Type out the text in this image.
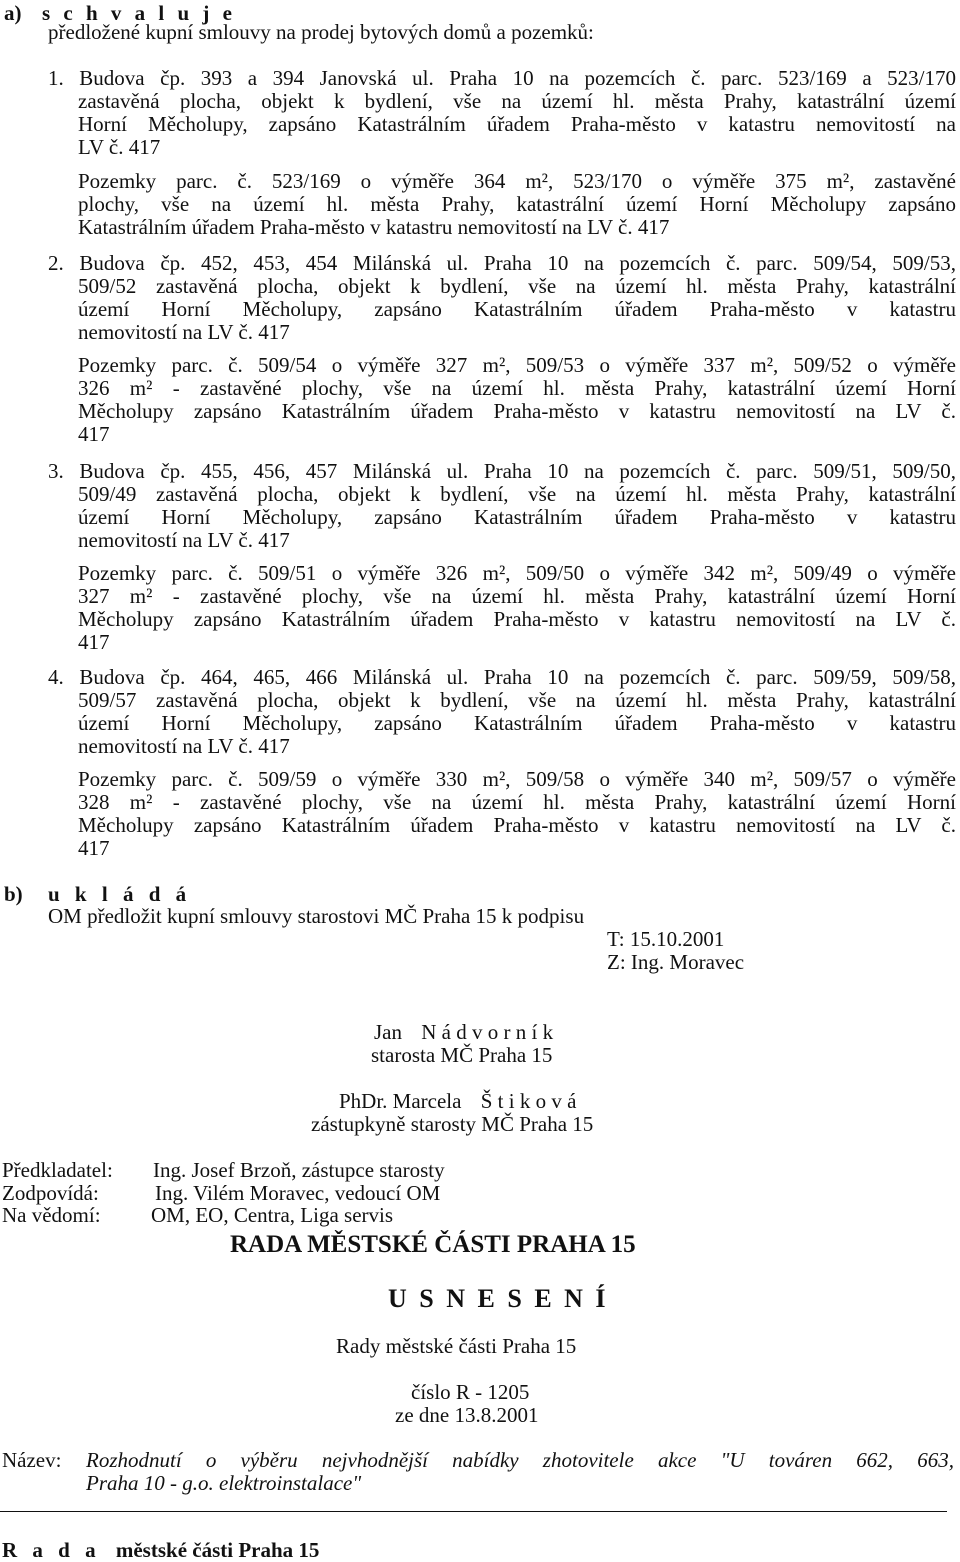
a) s c h v a l u j e
předložené kupní smlouvy na prodej bytových domů a pozemků:
1. Budova čp. 393 a 394 Janovská ul. Praha 10 na pozemcích č. parc. 523/169 a 523/170
zastavěná plocha, objekt k bydlení, vše na území hl. města Prahy, katastrální území
Horní Měcholupy, zapsáno Katastrálním úřadem Praha-město v katastru nemovitostí na
LV č. 417
Pozemky parc. č. 523/169 o výměře 364 m², 523/170 o výměře 375 m², zastavěné
plochy, vše na území hl. města Prahy, katastrální území Horní Měcholupy zapsáno
Katastrálním úřadem Praha-město v katastru nemovitostí na LV č. 417
2. Budova čp. 452, 453, 454 Milánská ul. Praha 10 na pozemcích č. parc. 509/54, 509/53,
509/52 zastavěná plocha, objekt k bydlení, vše na území hl. města Prahy, katastrální
území Horní Měcholupy, zapsáno Katastrálním úřadem Praha-město v katastru
nemovitostí na LV č. 417
Pozemky parc. č. 509/54 o výměře 327 m², 509/53 o výměře 337 m², 509/52 o výměře
326 m² - zastavěné plochy, vše na území hl. města Prahy, katastrální území Horní
Měcholupy zapsáno Katastrálním úřadem Praha-město v katastru nemovitostí na LV č.
417
3. Budova čp. 455, 456, 457 Milánská ul. Praha 10 na pozemcích č. parc. 509/51, 509/50,
509/49 zastavěná plocha, objekt k bydlení, vše na území hl. města Prahy, katastrální
území Horní Měcholupy, zapsáno Katastrálním úřadem Praha-město v katastru
nemovitostí na LV č. 417
Pozemky parc. č. 509/51 o výměře 326 m², 509/50 o výměře 342 m², 509/49 o výměře
327 m² - zastavěné plochy, vše na území hl. města Prahy, katastrální území Horní
Měcholupy zapsáno Katastrálním úřadem Praha-město v katastru nemovitostí na LV č.
417
4. Budova čp. 464, 465, 466 Milánská ul. Praha 10 na pozemcích č. parc. 509/59, 509/58,
509/57 zastavěná plocha, objekt k bydlení, vše na území hl. města Prahy, katastrální
území Horní Měcholupy, zapsáno Katastrálním úřadem Praha-město v katastru
nemovitostí na LV č. 417
Pozemky parc. č. 509/59 o výměře 330 m², 509/58 o výměře 340 m², 509/57 o výměře
328 m² - zastavěné plochy, vše na území hl. města Prahy, katastrální území Horní
Měcholupy zapsáno Katastrálním úřadem Praha-město v katastru nemovitostí na LV č.
417
b) u k l á d á
OM předložit kupní smlouvy starostovi MČ Praha 15 k podpisu
T: 15.10.2001
Z: Ing. Moravec
Jan N á d v o r n í k
starosta MČ Praha 15
PhDr. Marcela Š t i k o v á
zástupkyně starosty MČ Praha 15
Předkladatel: Ing. Josef Brzoň, zástupce starosty
Zodpovídá:	Ing. Vilém Moravec, vedoucí OM
Na vědomí: OM, EO, Centra, Liga servis
RADA MĚSTSKÉ ČÁSTI PRAHA 15
U S N E S E N Í
Rady městské části Praha 15
číslo R - 1205
ze dne 13.8.2001
Název: Rozhodnutí o výběru nejvhodnější nabídky zhotovitele akce "U továren 662, 663,
Praha 10 - g.o. elektroinstalace"
R a d a městské části Praha 15
